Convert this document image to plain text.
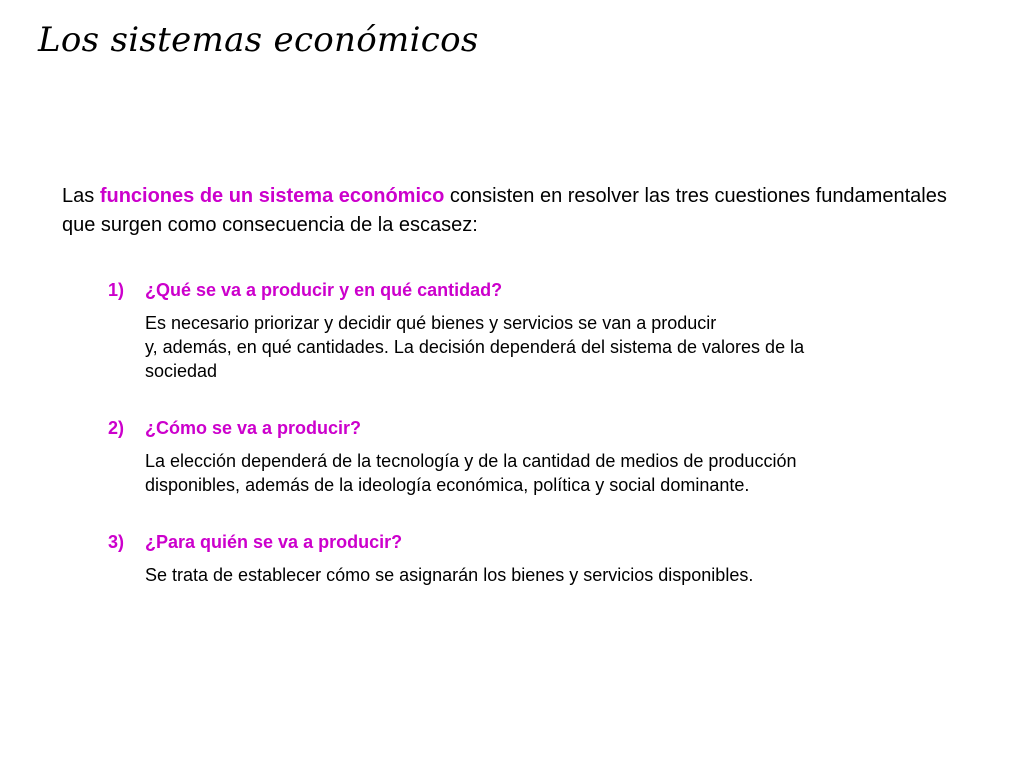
Los sistemas económicos
Las funciones de un sistema económico consisten en resolver las tres cuestiones fundamentales que surgen como consecuencia de la escasez:
1) ¿Qué se va a producir y en qué cantidad?
Es necesario priorizar y decidir qué bienes y servicios se van a producir
y, además, en qué cantidades. La decisión dependerá del sistema de valores de la
sociedad
2) ¿Cómo se va a producir?
La elección dependerá de la tecnología y de la cantidad de medios de producción
disponibles, además de la ideología económica, política y social dominante.
3) ¿Para quién se va a producir?
Se trata de establecer cómo se asignarán los bienes y servicios disponibles.
